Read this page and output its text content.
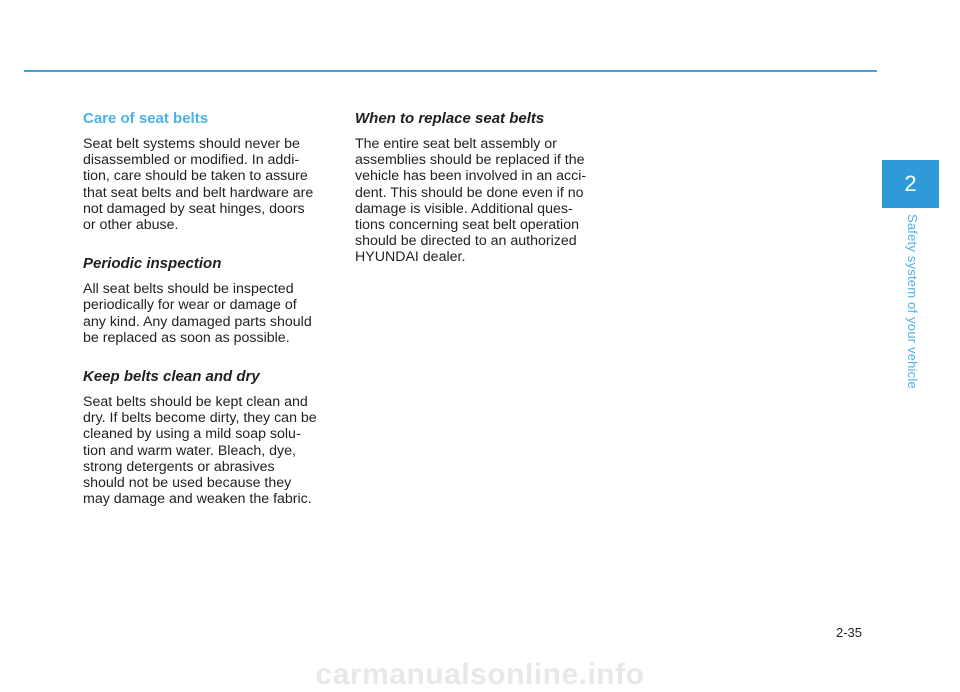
Care of seat belts

Seat belt systems should never be
disassembled or modified. In addi-
tion, care should be taken to assure
that seat belts and belt hardware are
not damaged by seat hinges, doors
or other abuse.

Periodic inspection

All seat belts should be inspected
periodically for wear or damage of
any kind. Any damaged parts should
be replaced as soon as possible.

Keep belts clean and dry

Seat belts should be kept clean and
dry. If belts become dirty, they can be
cleaned by using a mild soap solu-
tion and warm water. Bleach, dye,
strong detergents or abrasives
should not be used because they
may damage and weaken the fabric.

When to replace seat belts

The entire seat belt assembly or
assemblies should be replaced if the
vehicle has been involved in an acci-
dent. This should be done even if no
damage is visible. Additional ques-
tions concerning seat belt operation
should be directed to an authorized
HYUNDAI dealer.

2
Safety system of your vehicle
2-35
carmanualsonline.info
